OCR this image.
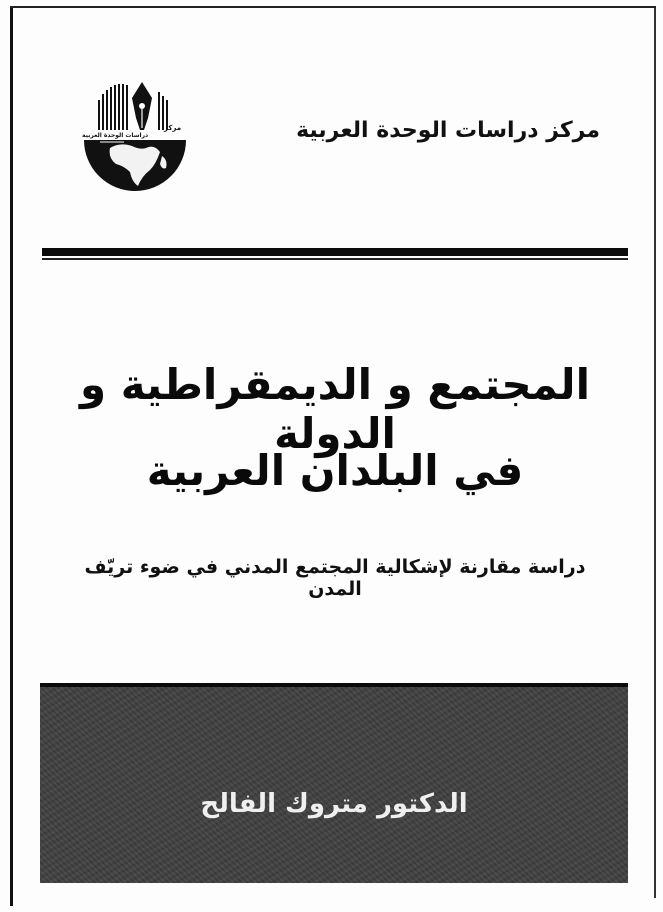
مركز دراسات الوحدة العربية
مركز
دراسات الوحدة العربية
المجتمع و الديمقراطية و الدولة
في البلدان العربية
دراسة مقارنة لإشكالية المجتمع المدني في ضوء تريّف المدن
الدكتور متروك الفالح
